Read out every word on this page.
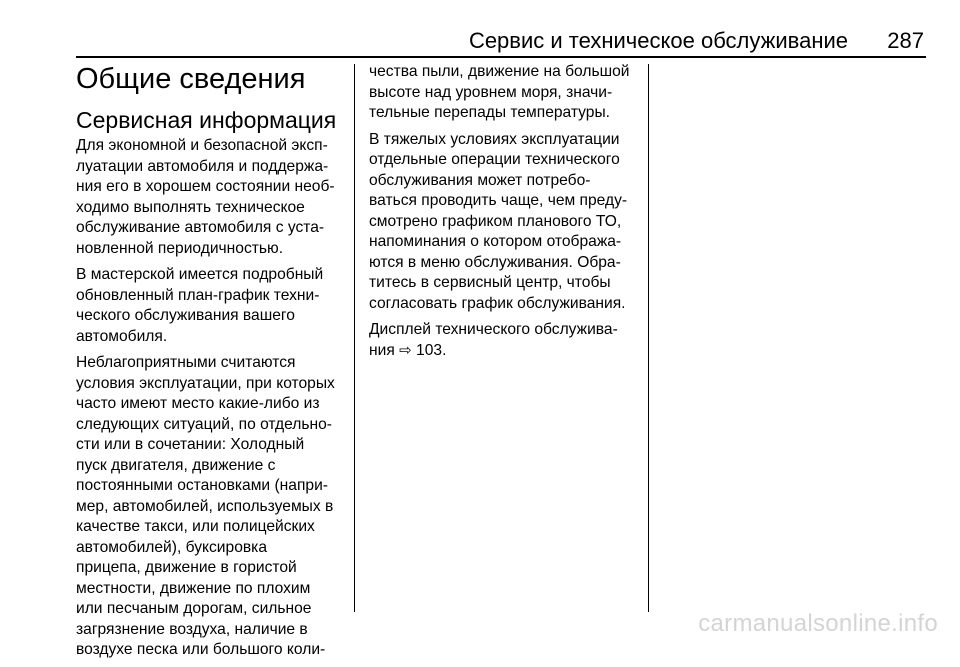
Сервис и техническое обслуживание 287
Общие сведения
Сервисная информация

Для экономной и безопасной эксп-
луатации автомобиля и поддержа-
ния его в хорошем состоянии необ-
ходимо выполнять техническое
обслуживание автомобиля с уста-
новленной периодичностью.

В мастерской имеется подробный
обновленный план-график техни-
ческого обслуживания вашего
автомобиля.

Неблагоприятными считаются
условия эксплуатации, при которых
часто имеют место какие-либо из
следующих ситуаций, по отдельно-
сти или в сочетании: Холодный
пуск двигателя, движение с
постоянными остановками (напри-
мер, автомобилей, используемых в
качестве такси, или полицейских
автомобилей), буксировка
прицепа, движение в гористой
местности, движение по плохим
или песчаным дорогам, сильное
загрязнение воздуха, наличие в
воздухе песка или большого коли-

чества пыли, движение на большой
высоте над уровнем моря, значи-
тельные перепады температуры.

В тяжелых условиях эксплуатации
отдельные операции технического
обслуживания может потребо-
ваться проводить чаще, чем преду-
смотрено графиком планового ТО,
напоминания о котором отобража-
ются в меню обслуживания. Обра-
титесь в сервисный центр, чтобы
согласовать график обслуживания.

Дисплей технического обслужива-
ния ⇨ 103.

carmanualsonline.info
